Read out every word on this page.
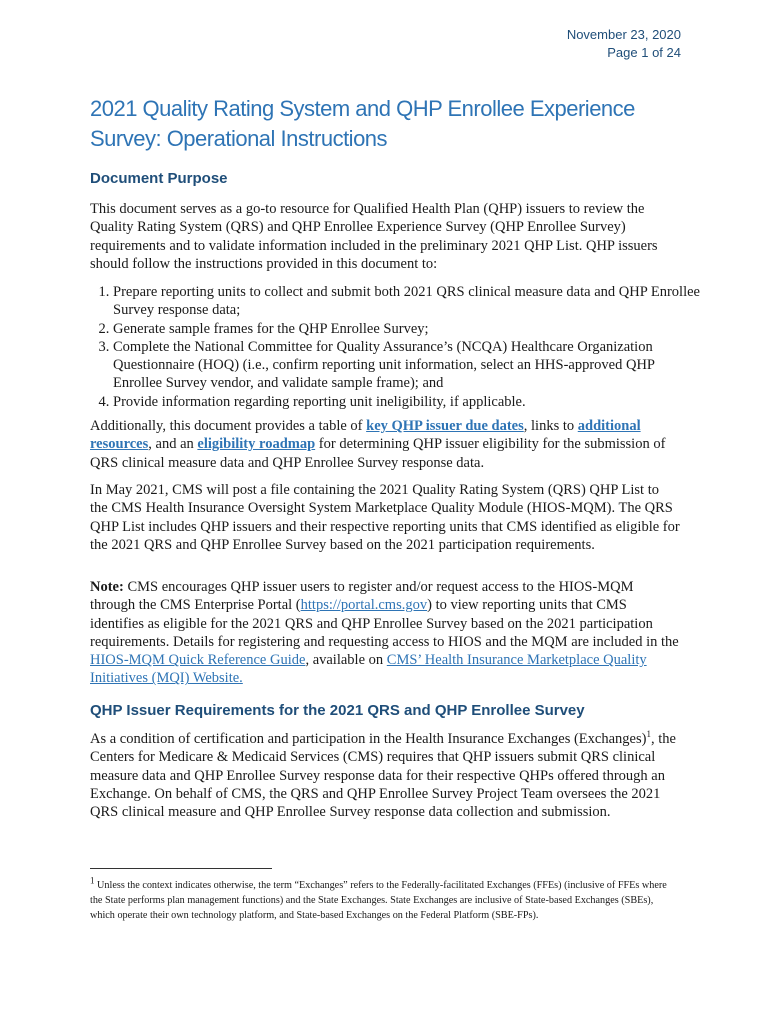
November 23, 2020
Page 1 of 24
2021 Quality Rating System and QHP Enrollee Experience Survey: Operational Instructions
Document Purpose

This document serves as a go-to resource for Qualified Health Plan (QHP) issuers to review the Quality Rating System (QRS) and QHP Enrollee Experience Survey (QHP Enrollee Survey) requirements and to validate information included in the preliminary 2021 QHP List. QHP issuers should follow the instructions provided in this document to:

1. Prepare reporting units to collect and submit both 2021 QRS clinical measure data and QHP Enrollee Survey response data;
2. Generate sample frames for the QHP Enrollee Survey;
3. Complete the National Committee for Quality Assurance’s (NCQA) Healthcare Organization Questionnaire (HOQ) (i.e., confirm reporting unit information, select an HHS-approved QHP Enrollee Survey vendor, and validate sample frame); and
4. Provide information regarding reporting unit ineligibility, if applicable.

Additionally, this document provides a table of key QHP issuer due dates, links to additional resources, and an eligibility roadmap for determining QHP issuer eligibility for the submission of QRS clinical measure data and QHP Enrollee Survey response data.

In May 2021, CMS will post a file containing the 2021 Quality Rating System (QRS) QHP List to the CMS Health Insurance Oversight System Marketplace Quality Module (HIOS-MQM). The QRS QHP List includes QHP issuers and their respective reporting units that CMS identified as eligible for the 2021 QRS and QHP Enrollee Survey based on the 2021 participation requirements.

Note: CMS encourages QHP issuer users to register and/or request access to the HIOS-MQM through the CMS Enterprise Portal (https://portal.cms.gov) to view reporting units that CMS identifies as eligible for the 2021 QRS and QHP Enrollee Survey based on the 2021 participation requirements. Details for registering and requesting access to HIOS and the MQM are included in the HIOS-MQM Quick Reference Guide, available on CMS’ Health Insurance Marketplace Quality Initiatives (MQI) Website.

QHP Issuer Requirements for the 2021 QRS and QHP Enrollee Survey

As a condition of certification and participation in the Health Insurance Exchanges (Exchanges)$^1$, the Centers for Medicare & Medicaid Services (CMS) requires that QHP issuers submit QRS clinical measure data and QHP Enrollee Survey response data for their respective QHPs offered through an Exchange. On behalf of CMS, the QRS and QHP Enrollee Survey Project Team oversees the 2021 QRS clinical measure and QHP Enrollee Survey response data collection and submission.

$^1$ Unless the context indicates otherwise, the term “Exchanges” refers to the Federally-facilitated Exchanges (FFEs) (inclusive of FFEs where the State performs plan management functions) and the State Exchanges. State Exchanges are inclusive of State-based Exchanges (SBEs), which operate their own technology platform, and State-based Exchanges on the Federal Platform (SBE-FPs).
